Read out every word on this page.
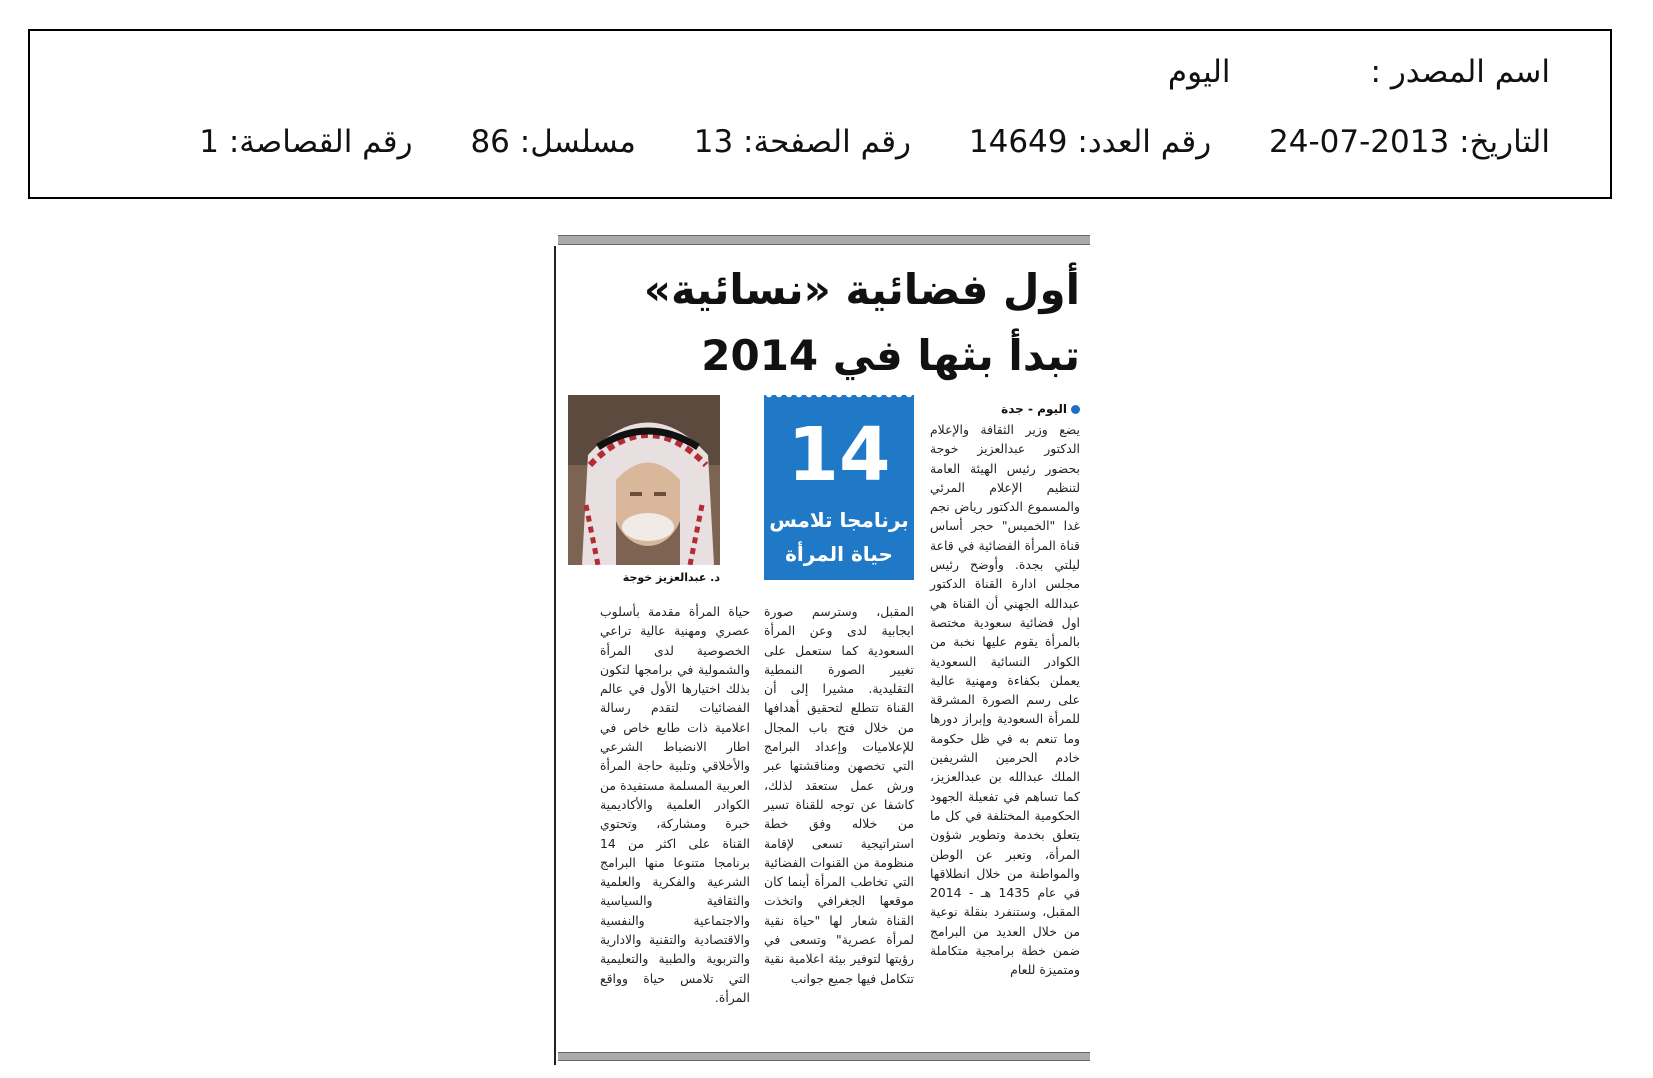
اسم المصدر :اليوم
التاريخ: 24-07-2013 رقم العدد: 14649 رقم الصفحة: 13 مسلسل: 86 رقم القصاصة: 1
أول فضائية «نسائية» تبدأ بثها في 2014
اليوم - جدة
يضع وزير الثقافة والإعلام الدكتور عبدالعزيز خوجة بحضور رئيس الهيئة العامة لتنظيم الإعلام المرئي والمسموع الدكتور رياض نجم غدا "الخميس" حجر أساس قناة المرأة الفضائية في قاعة ليلتي بجدة. وأوضح رئيس مجلس ادارة القناة الدكتور عبدالله الجهني أن القناة هي اول فضائية سعودية مختصة بالمرأة يقوم عليها نخبة من الكوادر النسائية السعودية يعملن بكفاءة ومهنية عالية على رسم الصورة المشرقة للمرأة السعودية وإبراز دورها وما تنعم به في ظل حكومة خادم الحرمين الشريفين الملك عبدالله بن عبدالعزيز، كما تساهم في تفعيلة الجهود الحكومية المختلفة في كل ما يتعلق بخدمة وتطوير شؤون المرأة، وتعبر عن الوطن والمواطنة من خلال انطلاقها في عام 1435 هـ - 2014 المقبل، وستنفرد بنقلة نوعية من خلال العديد من البرامج ضمن خطة برامجية متكاملة ومتميزة للعام
14
برنامجا تلامس حياة المرأة
المقبل، وسترسم صورة ايجابية لدى وعن المرأة السعودية كما ستعمل على تغيير الصورة النمطية التقليدية. مشيرا إلى أن القناة تتطلع لتحقيق أهدافها من خلال فتح باب المجال للإعلاميات وإعداد البرامج التي تخصهن ومناقشتها عبر ورش عمل ستعقد لذلك، كاشفا عن توجه للقناة تسير من خلاله وفق خطة استراتيجية تسعى لإقامة منظومة من القنوات الفضائية التي تخاطب المرأة أينما كان موقعها الجغرافي واتخذت القناة شعار لها "حياة نقية لمرأة عصرية" وتسعى في رؤيتها لتوفير بيئة اعلامية نقية تتكامل فيها جميع جوانب
د. عبدالعزيز خوجة
حياة المرأة مقدمة بأسلوب عصري ومهنية عالية تراعي الخصوصية لدى المرأة والشمولية في برامجها لتكون بذلك اختيارها الأول في عالم الفضائيات لتقدم رسالة اعلامية ذات طابع خاص في اطار الانضباط الشرعي والأخلاقي وتلبية حاجة المرأة العربية المسلمة مستفيدة من الكوادر العلمية والأكاديمية خبرة ومشاركة، وتحتوي القناة على اكثر من 14 برنامجا متنوعا منها البرامج الشرعية والفكرية والعلمية والثقافية والسياسية والاجتماعية والنفسية والاقتصادية والتقنية والادارية والتربوية والطبية والتعليمية التي تلامس حياة وواقع المرأة.
